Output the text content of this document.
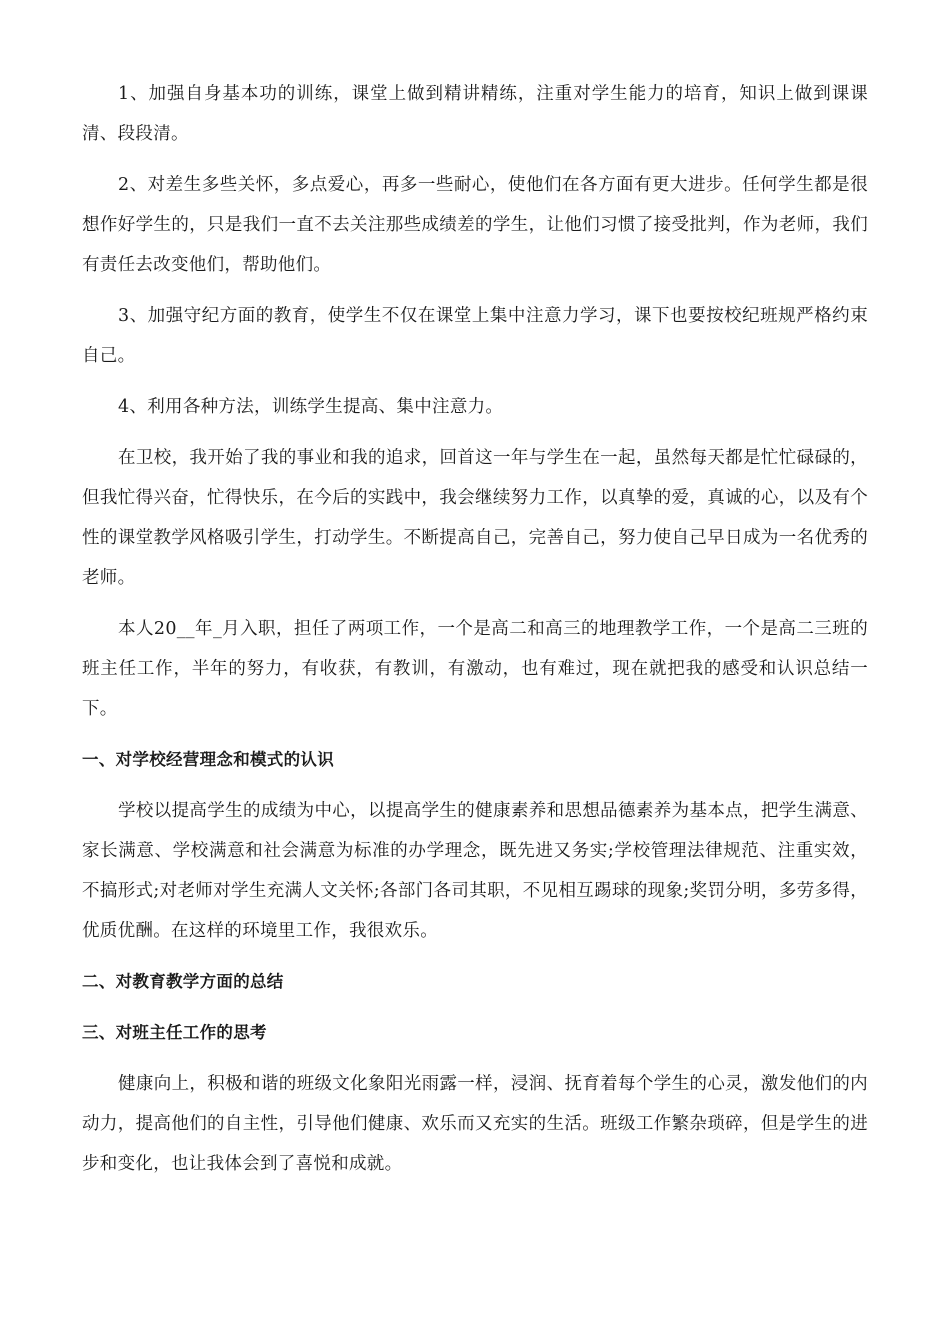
1、加强自身基本功的训练，课堂上做到精讲精练，注重对学生能力的培育，知识上做到课课清、段段清。

2、对差生多些关怀，多点爱心，再多一些耐心，使他们在各方面有更大进步。任何学生都是很想作好学生的，只是我们一直不去关注那些成绩差的学生，让他们习惯了接受批判，作为老师，我们有责任去改变他们，帮助他们。

3、加强守纪方面的教育，使学生不仅在课堂上集中注意力学习，课下也要按校纪班规严格约束自己。

4、利用各种方法，训练学生提高、集中注意力。

在卫校，我开始了我的事业和我的追求，回首这一年与学生在一起，虽然每天都是忙忙碌碌的，但我忙得兴奋，忙得快乐，在今后的实践中，我会继续努力工作，以真挚的爱，真诚的心，以及有个性的课堂教学风格吸引学生，打动学生。不断提高自己，完善自己，努力使自己早日成为一名优秀的老师。

本人20__年_月入职，担任了两项工作，一个是高二和高三的地理教学工作，一个是高二三班的班主任工作，半年的努力，有收获，有教训，有激动，也有难过，现在就把我的感受和认识总结一下。

一、对学校经营理念和模式的认识

学校以提高学生的成绩为中心，以提高学生的健康素养和思想品德素养为基本点，把学生满意、家长满意、学校满意和社会满意为标准的办学理念，既先进又务实;学校管理法律规范、注重实效，不搞形式;对老师对学生充满人文关怀;各部门各司其职，不见相互踢球的现象;奖罚分明，多劳多得，优质优酬。在这样的环境里工作，我很欢乐。

二、对教育教学方面的总结

三、对班主任工作的思考

健康向上，积极和谐的班级文化象阳光雨露一样，浸润、抚育着每个学生的心灵，激发他们的内动力，提高他们的自主性，引导他们健康、欢乐而又充实的生活。班级工作繁杂琐碎，但是学生的进步和变化，也让我体会到了喜悦和成就。
